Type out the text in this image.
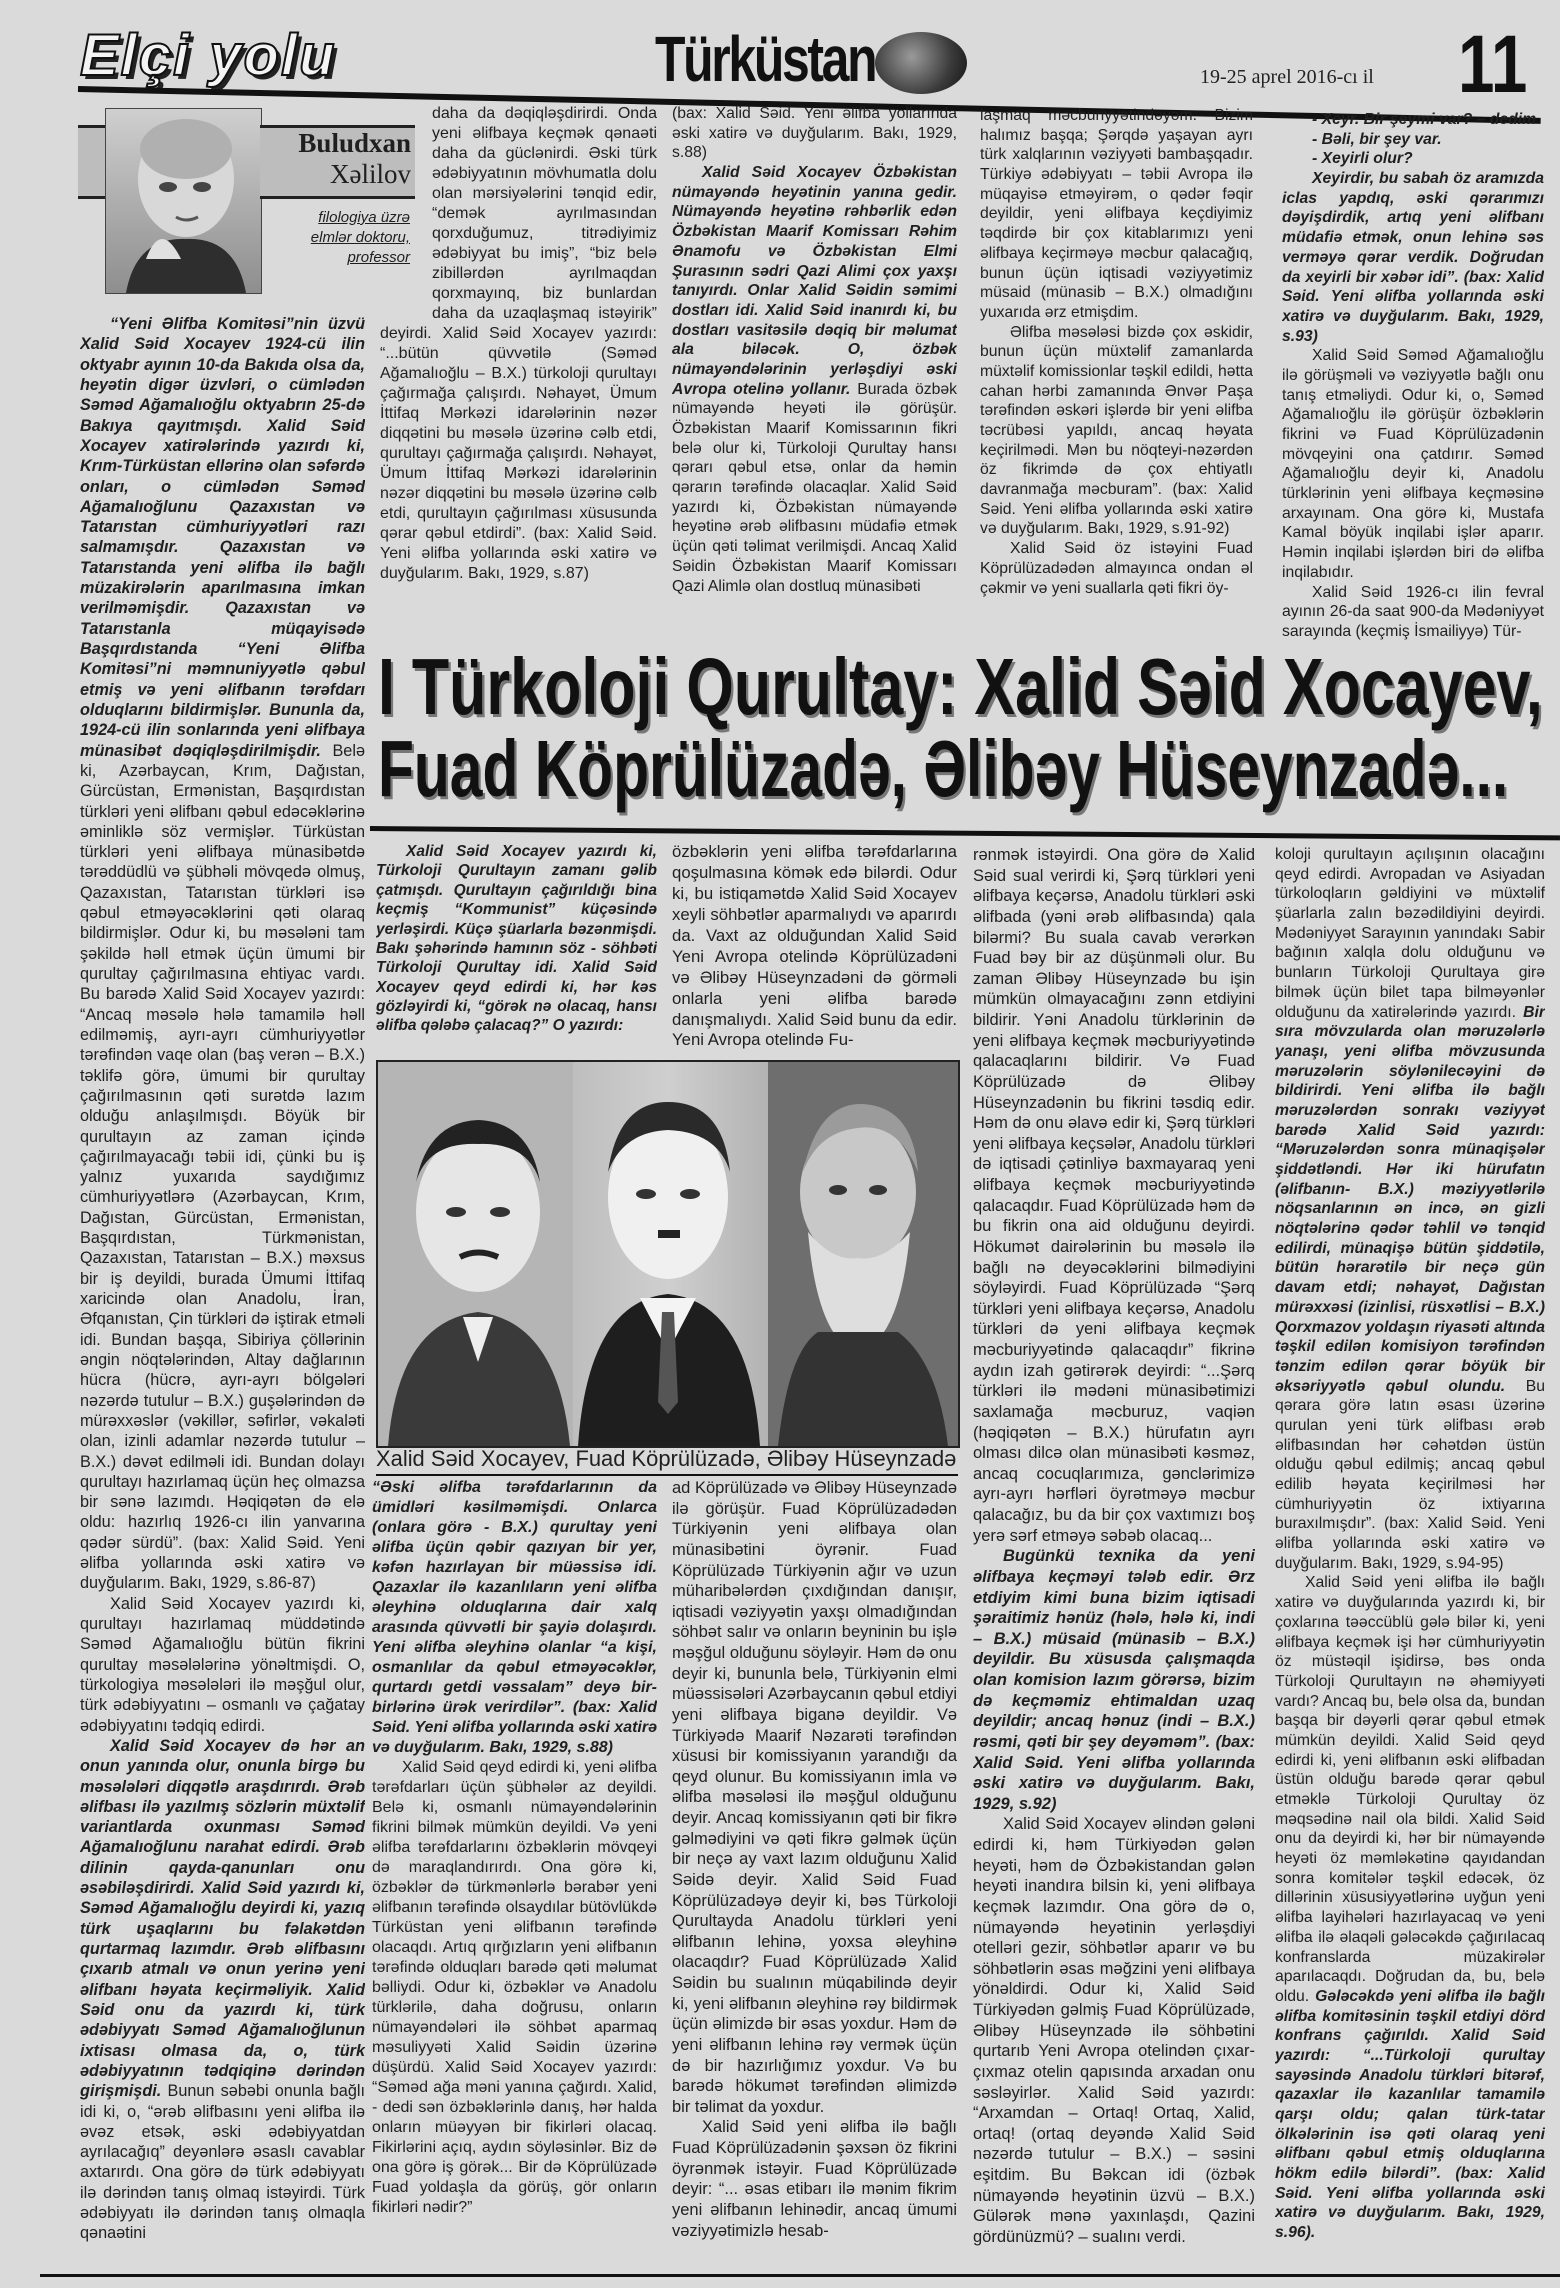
Elçi yolu	Türküstan	19-25 aprel 2016-cı il 11
Buludxan
Xəlilov
filologiya üzrə elmlər doktoru, professor

“Yeni Əlifba Komitəsi”nin üzvü Xalid Səid Xocayev 1924-cü ilin oktyabr ayının 10-da Bakıda olsa da, heyətin digər üzvləri, o cümlədən Səməd Ağamalıoğlu oktyabrın 25-də Bakıya qayıtmışdı. Xalid Səid Xocayev xatirələrində yazırdı ki, Krım-Türküstan ellərinə olan səfərdə onları, o cümlədən Səməd Ağamalıoğlunu Qazaxıstan və Tatarıstan cümhuriyyətləri razı salmamışdır. Qazaxıstan və Tatarıstanda yeni əlifba ilə bağlı müzakirələrin aparılmasına imkan verilməmişdir. Qazaxıstan və Tatarıstanla müqayisədə Başqırdıstanda “Yeni Əlifba Komitəsi”ni məmnuniyyətlə qəbul etmiş və yeni əlifbanın tərəfdarı olduqlarını bildirmişlər. Bununla da, 1924-cü ilin sonlarında yeni əlifbaya münasibət dəqiqləşdirilmişdir. Belə ki, Azərbaycan, Krım, Dağıstan, Gürcüstan, Ermənistan, Başqırdıstan türkləri yeni əlifbanı qəbul edəcəklərinə əminliklə söz vermişlər. Türküstan türkləri yeni əlifbaya münasibətdə tərəddüdlü və şübhəli mövqedə olmuş, Qazaxıstan, Tatarıstan türkləri isə qəbul etməyəcəklərini qəti olaraq bildirmişlər. Odur ki, bu məsələni tam şəkildə həll etmək üçün ümumi bir qurultay çağırılmasına ehtiyac vardı. Bu barədə Xalid Səid Xocayev yazırdı: “Ancaq məsələ hələ tamamilə həll edilməmiş, ayrı-ayrı cümhuriyyətlər tərəfindən vaqe olan (baş verən – B.X.) təklifə görə, ümumi bir qurultay çağırılmasının qəti surətdə lazım olduğu anlaşılmışdı. Böyük bir qurultayın az zaman içində çağırılmayacağı təbii idi, çünki bu iş yalnız yuxarıda saydığımız cümhuriyyətlərə (Azərbaycan, Krım, Dağıstan, Gürcüstan, Ermənistan, Başqırdıstan, Türkmənistan, Qazaxıstan, Tatarıstan – B.X.) məxsus bir iş deyildi, burada Ümumi İttifaq xaricində olan Anadolu, İran, Əfqanıstan, Çin türkləri də iştirak etməli idi. Bundan başqa, Sibiriya çöllərinin əngin nöqtələrindən, Altay dağlarının hücra (hücrə, ayrı-ayrı bölgələri nəzərdə tutulur – B.X.) guşələrindən də mürəxxəslər (vəkillər, səfirlər, vəkaləti olan, izinli adamlar nəzərdə tutulur – B.X.) dəvət edilməli idi. Bundan dolayı qurultayı hazırlamaq üçün heç olmazsa bir sənə lazımdı. Həqiqətən də elə oldu: hazırlıq 1926-cı ilin yanvarına qədər sürdü”. (bax: Xalid Səid. Yeni əlifba yollarında əski xatirə və duyğularım. Bakı, 1929, s.86-87)

Xalid Səid Xocayev yazırdı ki, qurultayı hazırlamaq müddətində Səməd Ağamalıoğlu bütün fikrini qurultay məsələlərinə yönəltmişdi. O, türkologiya məsələləri ilə məşğul olur, türk ədəbiyyatını – osmanlı və çağatay ədəbiyyatını tədqiq edirdi.

Xalid Səid Xocayev də hər an onun yanında olur, onunla birgə bu məsələləri diqqətlə araşdırırdı. Ərəb əlifbası ilə yazılmış sözlərin müxtəlif variantlarda oxunması Səməd Ağamalıoğlunu narahat edirdi. Ərəb dilinin qayda-qanunları onu əsəbiləşdirirdi. Xalid Səid yazırdı ki, Səməd Ağamalıoğlu deyirdi ki, yazıq türk uşaqlarını bu fəlakətdən qurtarmaq lazımdır. Ərəb əlifbasını çıxarıb atmalı və onun yerinə yeni əlifbanı həyata keçirməliyik. Xalid Səid onu da yazırdı ki, türk ədəbiyyatı Səməd Ağamalıoğlunun ixtisası olmasa da, o, türk ədəbiyyatının tədqiqinə dərindən girişmişdi. Bunun səbəbi onunla bağlı idi ki, o, “ərəb əlifbasını yeni əlifba ilə əvəz etsək, əski ədəbiyyatdan ayrılacağıq” deyənlərə əsaslı cavablar axtarırdı. Ona görə də türk ədəbiyyatı ilə dərindən tanış olmaq istəyirdi. Türk ədəbiyyatı ilə dərindən tanış olmaqla qənaətini

daha da dəqiqləşdirirdi. Onda yeni əlifbaya keçmək qənaəti daha da güclənirdi. Əski türk ədəbiyyatının mövhumatla dolu olan mərsiyələrini tənqid edir, “demək ayrılmasından qorxduğumuz, titrədiyimiz ədəbiyyat bu imiş”, “biz belə zibillərdən ayrılmaqdan qorxmayınq, biz bunlardan daha da uzaqlaşmaq istəyirik” deyirdi. Xalid Səid Xocayev yazırdı: “...bütün qüvvətilə (Səməd Ağamalıoğlu – B.X.) türkoloji qurultayı çağırmağa çalışırdı. Nəhayət, Ümum İttifaq Mərkəzi idarələrinin nəzər diqqətini bu məsələ üzərinə cəlb etdi, qurultayı çağırmağa çalışırdı. Nəhayət, Ümum İttifaq Mərkəzi idarələrinin nəzər diqqətini bu məsələ üzərinə cəlb etdi, qurultayın çağırılması xüsusunda qərar qəbul etdirdi”. (bax: Xalid Səid. Yeni əlifba yollarında əski xatirə və duyğularım. Bakı, 1929, s.87)

(bax: Xalid Səid. Yeni əlifba yollarında əski xatirə və duyğularım. Bakı, 1929, s.88)

Xalid Səid Xocayev Özbəkistan nümayəndə heyətinin yanına gedir. Nümayəndə heyətinə rəhbərlik edən Özbəkistan Maarif Komissarı Rəhim Ənamofu və Özbəkistan Elmi Şurasının sədri Qazi Alimi çox yaxşı tanıyırdı. Onlar Xalid Səidin səmimi dostları idi. Xalid Səid inanırdı ki, bu dostları vasitəsilə dəqiq bir məlumat ala biləcək. O, özbək nümayəndələrinin yerləşdiyi əski Avropa otelinə yollanır. Burada özbək nümayəndə heyəti ilə görüşür. Özbəkistan Maarif Komissarının fikri belə olur ki, Türkoloji Qurultay hansı qərarı qəbul etsə, onlar da həmin qərarın tərəfində olacaqlar. Xalid Səid yazırdı ki, Özbəkistan nümayəndə heyətinə ərəb əlifbasını müdafiə etmək üçün qəti təlimat verilmişdi. Ancaq Xalid Səidin Özbəkistan Maarif Komissarı Qazi Alimlə olan dostluq münasibəti

laşmaq məcburiyyətindəyəm. Bizim halımız başqa; Şərqdə yaşayan ayrı türk xalqlarının vəziyyəti bambaşqadır. Türkiyə ədəbiyyatı – təbii Avropa ilə müqayisə etməyirəm, o qədər fəqir deyildir, yeni əlifbaya keçdiyimiz təqdirdə bir çox kitablarımızı yeni əlifbaya keçirməyə məcbur qalacağıq, bunun üçün iqtisadi vəziyyətimiz müsaid (münasib – B.X.) olmadığını yuxarıda ərz etmişdim.

Əlifba məsələsi bizdə çox əskidir, bunun üçün müxtəlif zamanlarda müxtəlif komissionlar təşkil edildi, hətta cahan hərbi zamanında Ənvər Paşa tərəfindən əskəri işlərdə bir yeni əlifba təcrübəsi yapıldı, ancaq həyata keçirilmədi. Mən bu nöqteyi-nəzərdən öz fikrimdə də çox ehtiyatlı davranmağa məcburam”. (bax: Xalid Səid. Yeni əlifba yollarında əski xatirə və duyğularım. Bakı, 1929, s.91-92)

Xalid Səid öz istəyini Fuad Köprülüzadədən almayınca ondan əl çəkmir və yeni suallarla qəti fikri öy-

- Xeyr. Bir şeymi var? – dedim

- Bəli, bir şey var.

- Xeyirli olur?

Xeyirdir, bu sabah öz aramızda iclas yapdıq, əski qərarımızı dəyişdirdik, artıq yeni əlifbanı müdafiə etmək, onun lehinə səs verməyə qərar verdik. Doğrudan da xeyirli bir xəbər idi”. (bax: Xalid Səid. Yeni əlifba yollarında əski xatirə və duyğularım. Bakı, 1929, s.93)

Xalid Səid Səməd Ağamalıoğlu ilə görüşməli və vəziyyətlə bağlı onu tanış etməliydi. Odur ki, o, Səməd Ağamalıoğlu ilə görüşür özbəklərin fikrini və Fuad Köprülüzadənin mövqeyini ona çatdırır. Səməd Ağamalıoğlu deyir ki, Anadolu türklərinin yeni əlifbaya keçməsinə arxayınam. Ona görə ki, Mustafa Kamal böyük inqilabi işlər aparır. Həmin inqilabi işlərdən biri də əlifba inqilabıdır.

Xalid Səid 1926-cı ilin fevral ayının 26-da saat 900-da Mədəniyyət sarayında (keçmiş İsmailiyyə) Tür-

I Türkoloji Qurultay: Xalid Səid Xocayev,
Fuad Köprülüzadə, Əlibəy Hüseynzadə...

Xalid Səid Xocayev yazırdı ki, Türkoloji Qurultayın zamanı gəlib çatmışdı. Qurultayın çağırıldığı bina keçmiş “Kommunist” küçəsində yerləşirdi. Küçə şüarlarla bəzənmişdi. Bakı şəhərində hamının söz - söhbəti Türkoloji Qurultay idi. Xalid Səid Xocayev qeyd edirdi ki, hər kəs gözləyirdi ki, “görək nə olacaq, hansı əlifba qələbə çalacaq?” O yazırdı:

özbəklərin yeni əlifba tərəfdarlarına qoşulmasına kömək edə bilərdi. Odur ki, bu istiqamətdə Xalid Səid Xocayev xeyli söhbətlər aparmalıydı və aparırdı da. Vaxt az olduğundan Xalid Səid Yeni Avropa otelində Köprülüzadəni və Əlibəy Hüseynzadəni də görməli onlarla yeni əlifba barədə danışmalıydı. Xalid Səid bunu da edir. Yeni Avropa otelində Fu-

Xalid Səid Xocayev, Fuad Köprülüzadə, Əlibəy Hüseynzadə

“Əski əlifba tərəfdarlarının da ümidləri kəsilməmişdi. Onlarca (onlara görə - B.X.) qurultay yeni əlifba üçün qəbir qazıyan bir yer, kəfən hazırlayan bir müəssisə idi. Qazaxlar ilə kazanlıların yeni əlifba əleyhinə olduqlarına dair xalq arasında qüvvətli bir şayiə dolaşırdı. Yeni əlifba əleyhinə olanlar “a kişi, osmanlılar da qəbul etməyəcəklər, qurtardı getdi vəssalam” deyə bir-birlərinə ürək verirdilər”. (bax: Xalid Səid. Yeni əlifba yollarında əski xatirə və duyğularım. Bakı, 1929, s.88)

Xalid Səid qeyd edirdi ki, yeni əlifba tərəfdarları üçün şübhələr az deyildi. Belə ki, osmanlı nümayəndələrinin fikrini bilmək mümkün deyildi. Və yeni əlifba tərəfdarlarını özbəklərin mövqeyi də maraqlandırırdı. Ona görə ki, özbəklər də türkmənlərlə bərabər yeni əlifbanın tərəfində olsaydılar bütövlükdə Türküstan yeni əlifbanın tərəfində olacaqdı. Artıq qırğızların yeni əlifbanın tərəfində olduqları barədə qəti məlumat bəlliydi. Odur ki, özbəklər və Anadolu türklərilə, daha doğrusu, onların nümayəndələri ilə söhbət aparmaq məsuliyyəti Xalid Səidin üzərinə düşürdü. Xalid Səid Xocayev yazırdı: “Səməd ağa məni yanına çağırdı. Xalid, - dedi sən özbəklərinlə danış, hər halda onların müəyyən bir fikirləri olacaq. Fikirlərini açıq, aydın söyləsinlər. Biz də ona görə iş görək... Bir də Köprülüzadə Fuad yoldaşla da görüş, gör onların fikirləri nədir?”

ad Köprülüzadə və Əlibəy Hüseynzadə ilə görüşür. Fuad Köprülüzadədən Türkiyənin yeni əlifbaya olan münasibətini öyrənir. Fuad Köprülüzadə Türkiyənin ağır və uzun müharibələrdən çıxdığından danışır, iqtisadi vəziyyətin yaxşı olmadığından söhbət salır və onların beyninin bu işlə məşğul olduğunu söyləyir. Həm də onu deyir ki, bununla belə, Türkiyənin elmi müəssisələri Azərbaycanın qəbul etdiyi yeni əlifbaya biganə deyildir. Və Türkiyədə Maarif Nəzarəti tərəfindən xüsusi bir komissiyanın yarandığı da qeyd olunur. Bu komissiyanın imla və əlifba məsələsi ilə məşğul olduğunu deyir. Ancaq komissiyanın qəti bir fikrə gəlmədiyini və qəti fikrə gəlmək üçün bir neçə ay vaxt lazım olduğunu Xalid Səidə deyir. Xalid Səid Fuad Köprülüzadəyə deyir ki, bəs Türkoloji Qurultayda Anadolu türkləri yeni əlifbanın lehinə, yoxsa əleyhinə olacaqdır? Fuad Köprülüzadə Xalid Səidin bu sualının müqabilində deyir ki, yeni əlifbanın əleyhinə rəy bildirmək üçün əlimizdə bir əsas yoxdur. Həm də yeni əlifbanın lehinə rəy vermək üçün də bir hazırlığımız yoxdur. Və bu barədə hökumət tərəfindən əlimizdə bir təlimat da yoxdur.

Xalid Səid yeni əlifba ilə bağlı Fuad Köprülüzadənin şəxsən öz fikrini öyrənmək istəyir. Fuad Köprülüzadə deyir: “... əsas etibarı ilə mənim fikrim yeni əlifbanın lehinədir, ancaq ümumi vəziyyətimizlə hesab-

rənmək istəyirdi. Ona görə də Xalid Səid sual verirdi ki, Şərq türkləri yeni əlifbaya keçərsə, Anadolu türkləri əski əlifbada (yəni ərəb əlifbasında) qala bilərmi? Bu suala cavab verərkən Fuad bəy bir az düşünməli olur. Bu zaman Əlibəy Hüseynzadə bu işin mümkün olmayacağını zənn etdiyini bildirir. Yəni Anadolu türklərinin də yeni əlifbaya keçmək məcburiyyətində qalacaqlarını bildirir. Və Fuad Köprülüzadə də Əlibəy Hüseynzadənin bu fikrini təsdiq edir. Həm də onu əlavə edir ki, Şərq türkləri yeni əlifbaya keçsələr, Anadolu türkləri də iqtisadi çətinliyə baxmayaraq yeni əlifbaya keçmək məcburiyyətində qalacaqdır. Fuad Köprülüzadə həm də bu fikrin ona aid olduğunu deyirdi. Hökumət dairələrinin bu məsələ ilə bağlı nə deyəcəklərini bilmədiyini söyləyirdi. Fuad Köprülüzadə “Şərq türkləri yeni əlifbaya keçərsə, Anadolu türkləri də yeni əlifbaya keçmək məcburiyyətində qalacaqdır” fikrinə aydın izah gətirərək deyirdi: “...Şərq türkləri ilə mədəni münasibətimizi saxlamağa məcburuz, vaqiən (həqiqətən – B.X.) hürufatın ayrı olması dilcə olan münasibəti kəsməz, ancaq cocuqlarımıza, gənclərimizə ayrı-ayrı hərfləri öyrətməyə məcbur qalacağız, bu da bir çox vaxtımızı boş yerə sərf etməyə səbəb olacaq...

Bugünkü texnika da yeni əlifbaya keçməyi tələb edir. Ərz etdiyim kimi buna bizim iqtisadi şəraitimiz hənüz (hələ, hələ ki, indi – B.X.) müsaid (münasib – B.X.) deyildir. Bu xüsusda çalışmaqda olan komision lazım görərsə, bizim də keçməmiz ehtimaldan uzaq deyildir; ancaq hənuz (indi – B.X.) rəsmi, qəti bir şey deyəməm”. (bax: Xalid Səid. Yeni əlifba yollarında əski xatirə və duyğularım. Bakı, 1929, s.92)

Xalid Səid Xocayev əlindən gələni edirdi ki, həm Türkiyədən gələn heyəti, həm də Özbəkistandan gələn heyəti inandıra bilsin ki, yeni əlifbaya keçmək lazımdır. Ona görə də o, nümayəndə heyətinin yerləşdiyi otelləri gezir, söhbətlər aparır və bu söhbətlərin əsas məğzini yeni əlifbaya yönəldirdi. Odur ki, Xalid Səid Türkiyədən gəlmiş Fuad Köprülüzadə, Əlibəy Hüseynzadə ilə söhbətini qurtarıb Yeni Avropa otelindən çıxar-çıxmaz otelin qapısında arxadan onu səsləyirlər. Xalid Səid yazırdı: “Arxamdan – Ortaq! Ortaq, Xalid, ortaq! (ortaq deyəndə Xalid Səid nəzərdə tutulur – B.X.) – səsini eşitdim. Bu Bəkcan idi (özbək nümayəndə heyətinin üzvü – B.X.) Gülərək mənə yaxınlaşdı, Qazini gördünüzmü? – sualını verdi.

koloji qurultayın açılışının olacağını qeyd edirdi. Avropadan və Asiyadan türkoloqların gəldiyini və müxtəlif şüarlarla zalın bəzədildiyini deyirdi. Mədəniyyət Sarayının yanındakı Sabir bağının xalqla dolu olduğunu və bunların Türkoloji Qurultaya girə bilmək üçün bilet tapa bilməyənlər olduğunu da xatirələrində yazırdı. Bir sıra mövzularda olan məruzələrlə yanaşı, yeni əlifba mövzusunda məruzələrin söylənilecəyini də bildirirdi. Yeni əlifba ilə bağlı məruzələrdən sonrakı vəziyyət barədə Xalid Səid yazırdı: “Məruzələrdən sonra münaqişələr şiddətləndi. Hər iki hürufatın (əlifbanın- B.X.) məziyyətlərilə nöqsanlarının ən incə, ən gizli nöqtələrinə qədər təhlil və tənqid edilirdi, münaqişə bütün şiddətilə, bütün hərarətilə bir neçə gün davam etdi; nəhayət, Dağıstan mürəxxəsi (izinlisi, rüsxətlisi – B.X.) Qorxmazov yoldaşın riyasəti altında təşkil edilən komisiyon tərəfindən tənzim edilən qərar böyük bir əksəriyyətlə qəbul olundu. Bu qərara görə latın əsası üzərinə qurulan yeni türk əlifbası ərəb əlifbasından hər cəhətdən üstün olduğu qəbul edilmiş; ancaq qəbul edilib həyata keçirilməsi hər cümhuriyyətin öz ixtiyarına buraxılmışdır”. (bax: Xalid Səid. Yeni əlifba yollarında əski xatirə və duyğularım. Bakı, 1929, s.94-95)

Xalid Səid yeni əlifba ilə bağlı xatirə və duyğularında yazırdı ki, bir çoxlarına təəccüblü gələ bilər ki, yeni əlifbaya keçmək işi hər cümhuriyyətin öz müstəqil işidirsə, bəs onda Türkoloji Qurultayın nə əhəmiyyəti vardı? Ancaq bu, belə olsa da, bundan başqa bir dəyərli qərar qəbul etmək mümkün deyildi. Xalid Səid qeyd edirdi ki, yeni əlifbanın əski əlifbadan üstün olduğu barədə qərar qəbul etməklə Türkoloji Qurultay öz məqsədinə nail ola bildi. Xalid Səid onu da deyirdi ki, hər bir nümayəndə heyəti öz məmləkətinə qayıdandan sonra komitələr təşkil edəcək, öz dillərinin xüsusiyyətlərinə uyğun yeni əlifba layihələri hazırlayacaq və yeni əlifba ilə əlaqəli gələcəkdə çağırılacaq konfranslarda müzakirələr aparılacaqdı. Doğrudan da, bu, belə oldu. Gələcəkdə yeni əlifba ilə bağlı əlifba komitəsinin təşkil etdiyi dörd konfrans çağırıldı. Xalid Səid yazırdı: “...Türkoloji qurultay sayəsində Anadolu türkləri bitərəf, qazaxlar ilə kazanlılar tamamilə qarşı oldu; qalan türk-tatar ölkələrinin isə qəti olaraq yeni əlifbanı qəbul etmiş olduqlarına hökm edilə bilərdi”. (bax: Xalid Səid. Yeni əlifba yollarında əski xatirə və duyğularım. Bakı, 1929, s.96).
